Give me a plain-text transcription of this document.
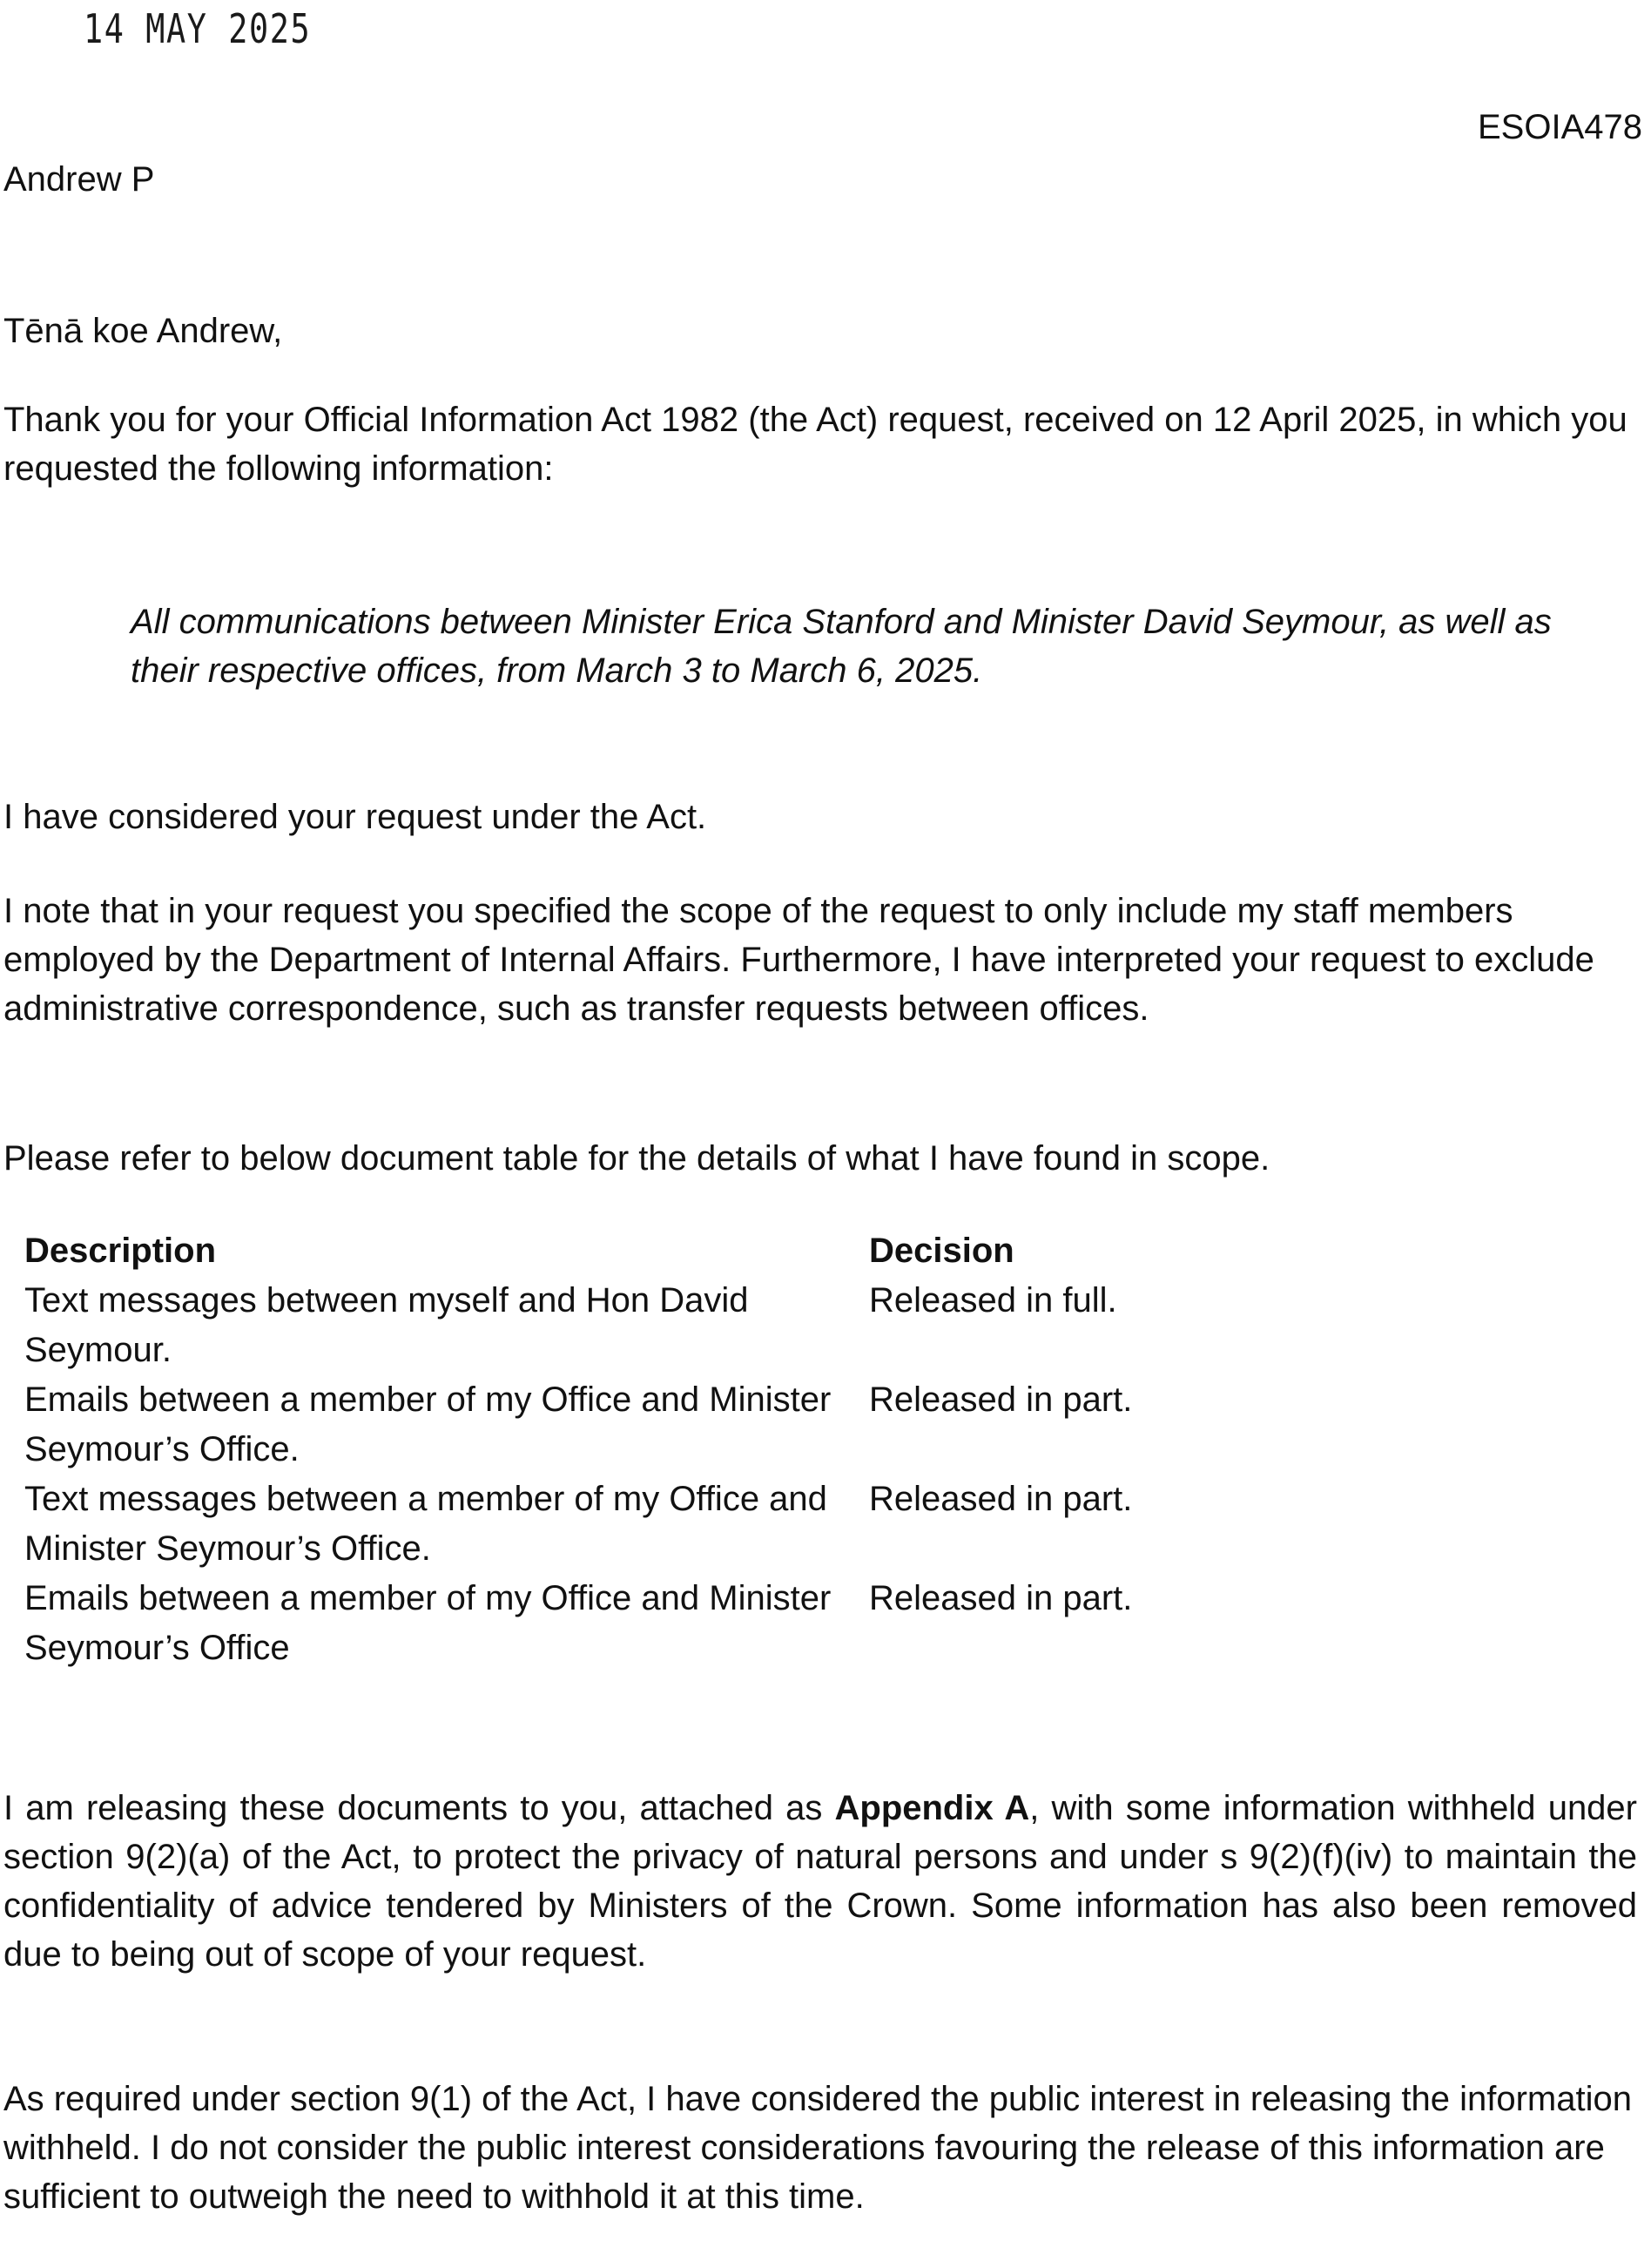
14 MAY 2025
ESOIA478
Andrew P
Tēnā koe Andrew,

Thank you for your Official Information Act 1982 (the Act) request, received on 12 April 2025, in which you requested the following information:

All communications between Minister Erica Stanford and Minister David Seymour, as well as their respective offices, from March 3 to March 6, 2025.

I have considered your request under the Act.

I note that in your request you specified the scope of the request to only include my staff members employed by the Department of Internal Affairs. Furthermore, I have interpreted your request to exclude administrative correspondence, such as transfer requests between offices.

Please refer to below document table for the details of what I have found in scope.

Description	Decision
Text messages between myself and Hon David Seymour.	Released in full.
Emails between a member of my Office and Minister Seymour’s Office.	Released in part.
Text messages between a member of my Office and Minister Seymour’s Office.	Released in part.
Emails between a member of my Office and Minister Seymour’s Office	Released in part.

I am releasing these documents to you, attached as Appendix A, with some information withheld under section 9(2)(a) of the Act, to protect the privacy of natural persons and under s 9(2)(f)(iv) to maintain the confidentiality of advice tendered by Ministers of the Crown. Some information has also been removed due to being out of scope of your request.

As required under section 9(1) of the Act, I have considered the public interest in releasing the information withheld. I do not consider the public interest considerations favouring the release of this information are sufficient to outweigh the need to withhold it at this time.
